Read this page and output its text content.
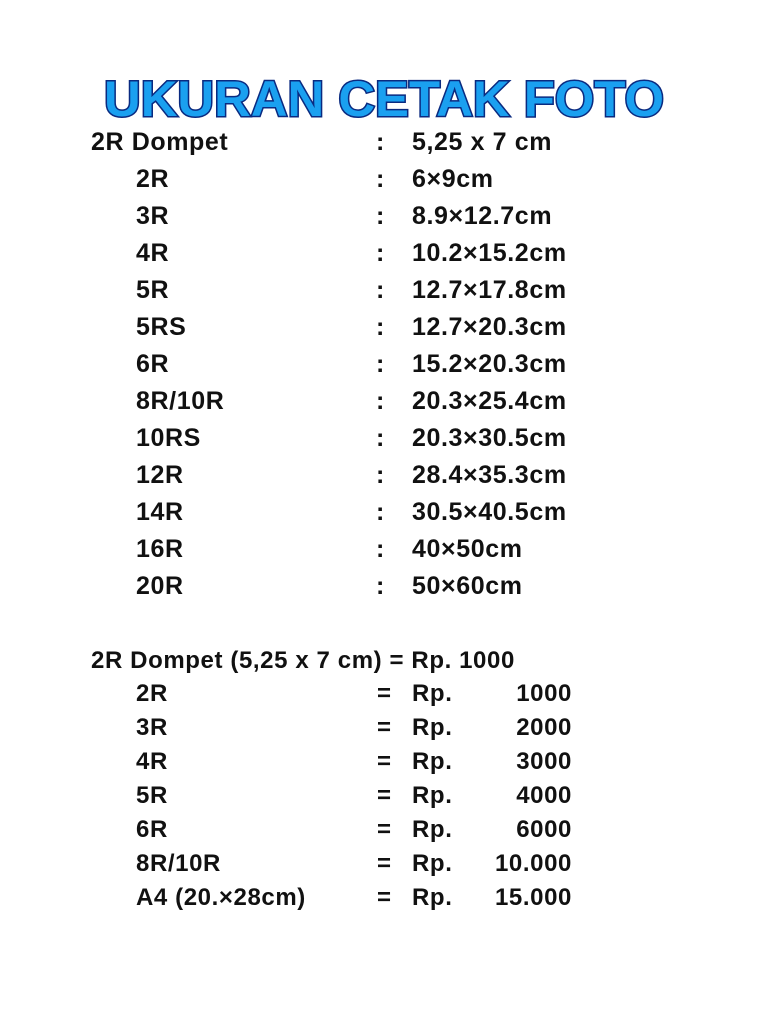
UKURAN CETAK FOTO
2R Dompet	: 5,25 x 7 cm
2R	: 6×9cm
3R	: 8.9×12.7cm
4R	: 10.2×15.2cm
5R	: 12.7×17.8cm
5RS	: 12.7×20.3cm
6R	: 15.2×20.3cm
8R/10R	: 20.3×25.4cm
10RS	: 20.3×30.5cm
12R	: 28.4×35.3cm
14R	: 30.5×40.5cm
16R	: 40×50cm
20R	: 50×60cm
2R Dompet (5,25 x 7 cm) = Rp. 1000
2R	= Rp.	1000
3R	= Rp.	2000
4R	= Rp.	3000
5R	= Rp.	4000
6R	= Rp.	6000
8R/10R	= Rp. 10.000
A4 (20.×28cm)	= Rp. 15.000
